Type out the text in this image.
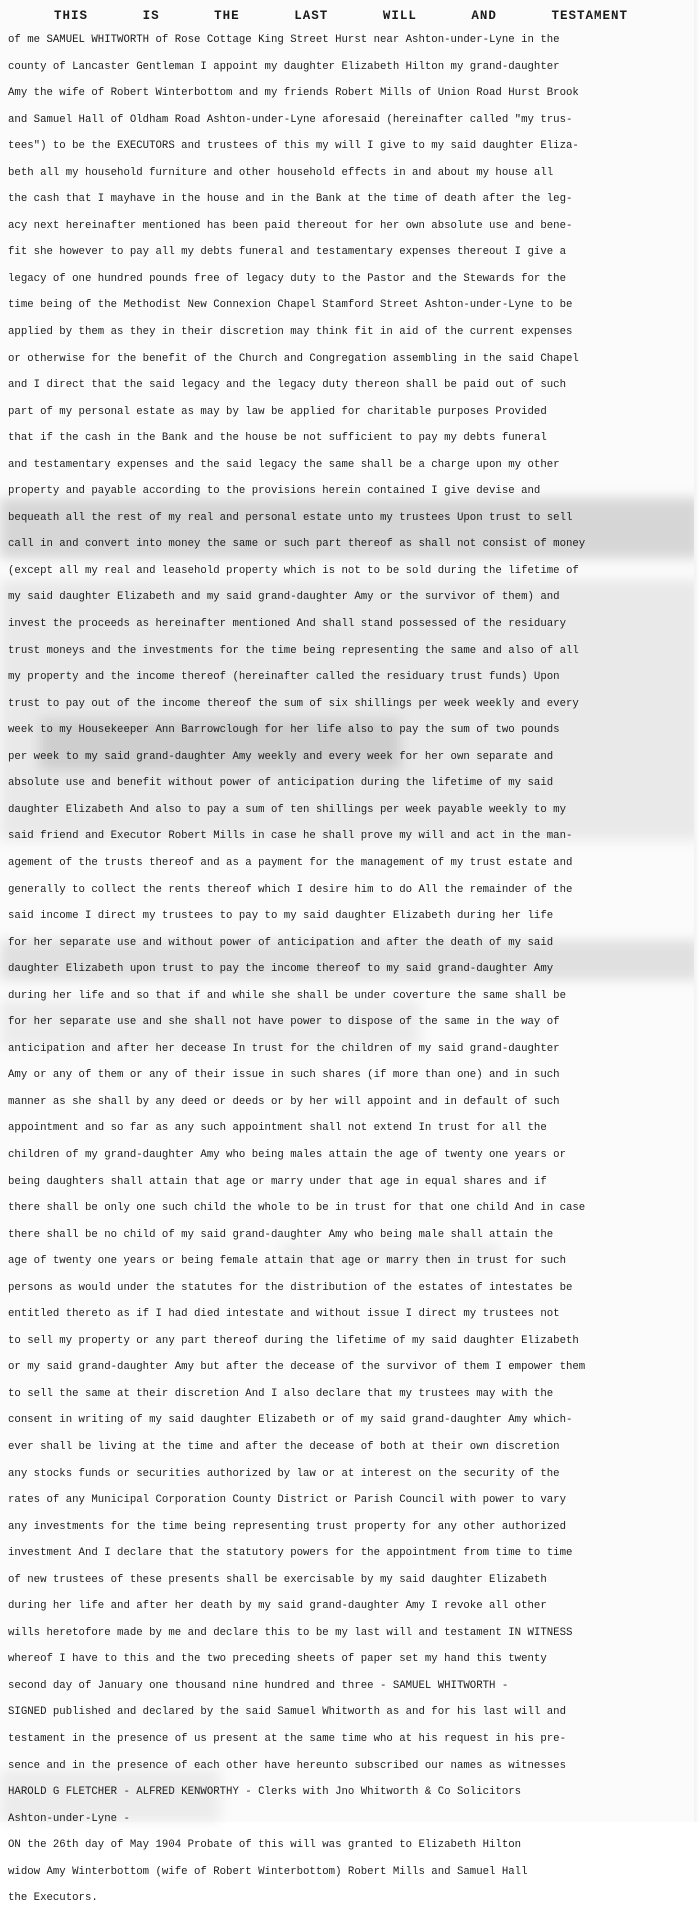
THIS	IS	THE	LAST	WILL	AND	TESTAMENT
of me SAMUEL WHITWORTH of Rose Cottage King Street Hurst near Ashton-under-Lyne in the
county of Lancaster Gentleman I appoint my daughter Elizabeth Hilton my grand-daughter
Amy the wife of Robert Winterbottom and my friends Robert Mills of Union Road Hurst Brook
and Samuel Hall of Oldham Road Ashton-under-Lyne aforesaid (hereinafter called "my trus-
tees") to be the EXECUTORS and trustees of this my will I give to my said daughter Eliza-
beth all my household furniture and other household effects in and about my house all
the cash that I mayhave in the house and in the Bank at the time of death after the leg-
acy next hereinafter mentioned has been paid thereout for her own absolute use and bene-
fit she however to pay all my debts funeral and testamentary expenses thereout I give a
legacy of one hundred pounds free of legacy duty to the Pastor and the Stewards for the
time being of the Methodist New Connexion Chapel Stamford Street Ashton-under-Lyne to be
applied by them as they in their discretion may think fit in aid of the current expenses
or otherwise for the benefit of the Church and Congregation assembling in the said Chapel
and I direct that the said legacy and the legacy duty thereon shall be paid out of such
part of my personal estate as may by law be applied for charitable purposes Provided
that if the cash in the Bank and the house be not sufficient to pay my debts funeral
and testamentary expenses and the said legacy the same shall be a charge upon my other
property and payable according to the provisions herein contained I give devise and
bequeath all the rest of my real and personal estate unto my trustees Upon trust to sell
call in and convert into money the same or such part thereof as shall not consist of money
(except all my real and leasehold property which is not to be sold during the lifetime of
my said daughter Elizabeth and my said grand-daughter Amy or the survivor of them) and
invest the proceeds as hereinafter mentioned And shall stand possessed of the residuary
trust moneys and the investments for the time being representing the same and also of all
my property and the income thereof (hereinafter called the residuary trust funds) Upon
trust to pay out of the income thereof the sum of six shillings per week weekly and every
week to my Housekeeper Ann Barrowclough for her life also to pay the sum of two pounds
per week to my said grand-daughter Amy weekly and every week for her own separate and
absolute use and benefit without power of anticipation during the lifetime of my said
daughter Elizabeth And also to pay a sum of ten shillings per week payable weekly to my
said friend and Executor Robert Mills in case he shall prove my will and act in the man-
agement of the trusts thereof and as a payment for the management of my trust estate and
generally to collect the rents thereof which I desire him to do All the remainder of the
said income I direct my trustees to pay to my said daughter Elizabeth during her life
for her separate use and without power of anticipation and after the death of my said
daughter Elizabeth upon trust to pay the income thereof to my said grand-daughter Amy
during her life and so that if and while she shall be under coverture the same shall be
for her separate use and she shall not have power to dispose of the same in the way of
anticipation and after her decease In trust for the children of my said grand-daughter
Amy or any of them or any of their issue in such shares (if more than one) and in such
manner as she shall by any deed or deeds or by her will appoint and in default of such
appointment and so far as any such appointment shall not extend In trust for all the
children of my grand-daughter Amy who being males attain the age of twenty one years or
being daughters shall attain that age or marry under that age in equal shares and if
there shall be only one such child the whole to be in trust for that one child And in case
there shall be no child of my said grand-daughter Amy who being male shall attain the
age of twenty one years or being female attain that age or marry then in trust for such
persons as would under the statutes for the distribution of the estates of intestates be
entitled thereto as if I had died intestate and without issue I direct my trustees not
to sell my property or any part thereof during the lifetime of my said daughter Elizabeth
or my said grand-daughter Amy but after the decease of the survivor of them I empower them
to sell the same at their discretion And I also declare that my trustees may with the
consent in writing of my said daughter Elizabeth or of my said grand-daughter Amy which-
ever shall be living at the time and after the decease of both at their own discretion
any stocks funds or securities authorized by law or at interest on the security of the
rates of any Municipal Corporation County District or Parish Council with power to vary
any investments for the time being representing trust property for any other authorized
investment And I declare that the statutory powers for the appointment from time to time
of new trustees of these presents shall be exercisable by my said daughter Elizabeth
during her life and after her death by my said grand-daughter Amy I revoke all other
wills heretofore made by me and declare this to be my last will and testament IN WITNESS
whereof I have to this and the two preceding sheets of paper set my hand this twenty
second day of January one thousand nine hundred and three - SAMUEL WHITWORTH -
SIGNED published and declared by the said Samuel Whitworth as and for his last will and
testament in the presence of us present at the same time who at his request in his pre-
sence and in the presence of each other have hereunto subscribed our names as witnesses
HAROLD G FLETCHER - ALFRED KENWORTHY - Clerks with Jno Whitworth & Co Solicitors
Ashton-under-Lyne -
ON the 26th day of May 1904 Probate of this will was granted to Elizabeth Hilton
widow Amy Winterbottom (wife of Robert Winterbottom) Robert Mills and Samuel Hall
the Executors.
